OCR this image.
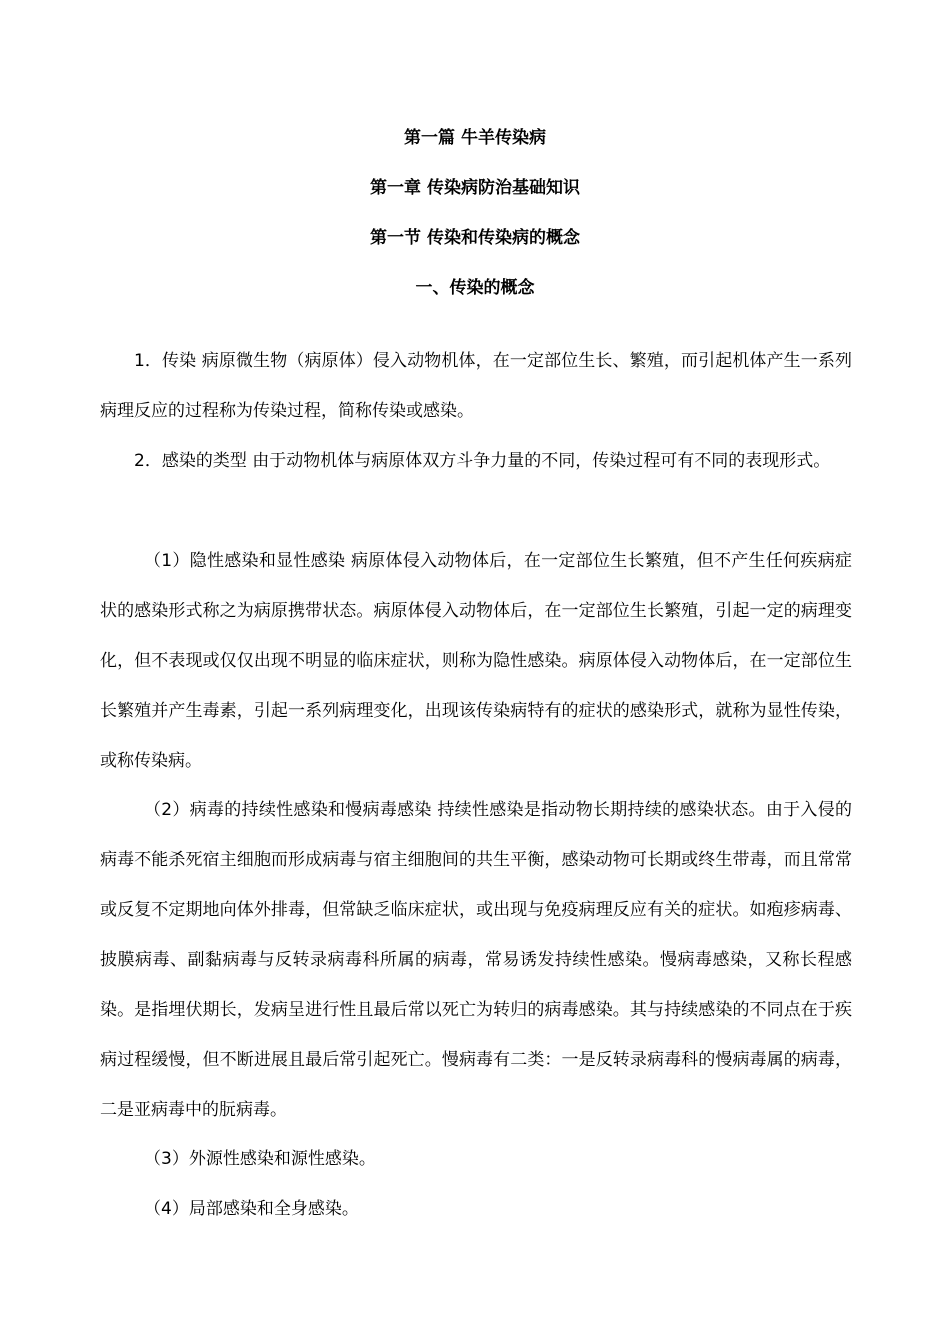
第一篇 牛羊传染病
第一章 传染病防治基础知识
第一节 传染和传染病的概念
一、传染的概念

1．传染 病原微生物（病原体）侵入动物机体，在一定部位生长、繁殖，而引起机体产生一系列病理反应的过程称为传染过程，简称传染或感染。

2．感染的类型 由于动物机体与病原体双方斗争力量的不同，传染过程可有不同的表现形式。

（1）隐性感染和显性感染 病原体侵入动物体后，在一定部位生长繁殖，但不产生任何疾病症状的感染形式称之为病原携带状态。病原体侵入动物体后，在一定部位生长繁殖，引起一定的病理变化，但不表现或仅仅出现不明显的临床症状，则称为隐性感染。病原体侵入动物体后，在一定部位生长繁殖并产生毒素，引起一系列病理变化，出现该传染病特有的症状的感染形式，就称为显性传染，或称传染病。

（2）病毒的持续性感染和慢病毒感染 持续性感染是指动物长期持续的感染状态。由于入侵的病毒不能杀死宿主细胞而形成病毒与宿主细胞间的共生平衡，感染动物可长期或终生带毒，而且常常或反复不定期地向体外排毒，但常缺乏临床症状，或出现与免疫病理反应有关的症状。如疱疹病毒、披膜病毒、副黏病毒与反转录病毒科所属的病毒，常易诱发持续性感染。慢病毒感染，又称长程感染。是指埋伏期长，发病呈进行性且最后常以死亡为转归的病毒感染。其与持续感染的不同点在于疾病过程缓慢，但不断进展且最后常引起死亡。慢病毒有二类：一是反转录病毒科的慢病毒属的病毒，二是亚病毒中的朊病毒。

（3）外源性感染和源性感染。

（4）局部感染和全身感染。
